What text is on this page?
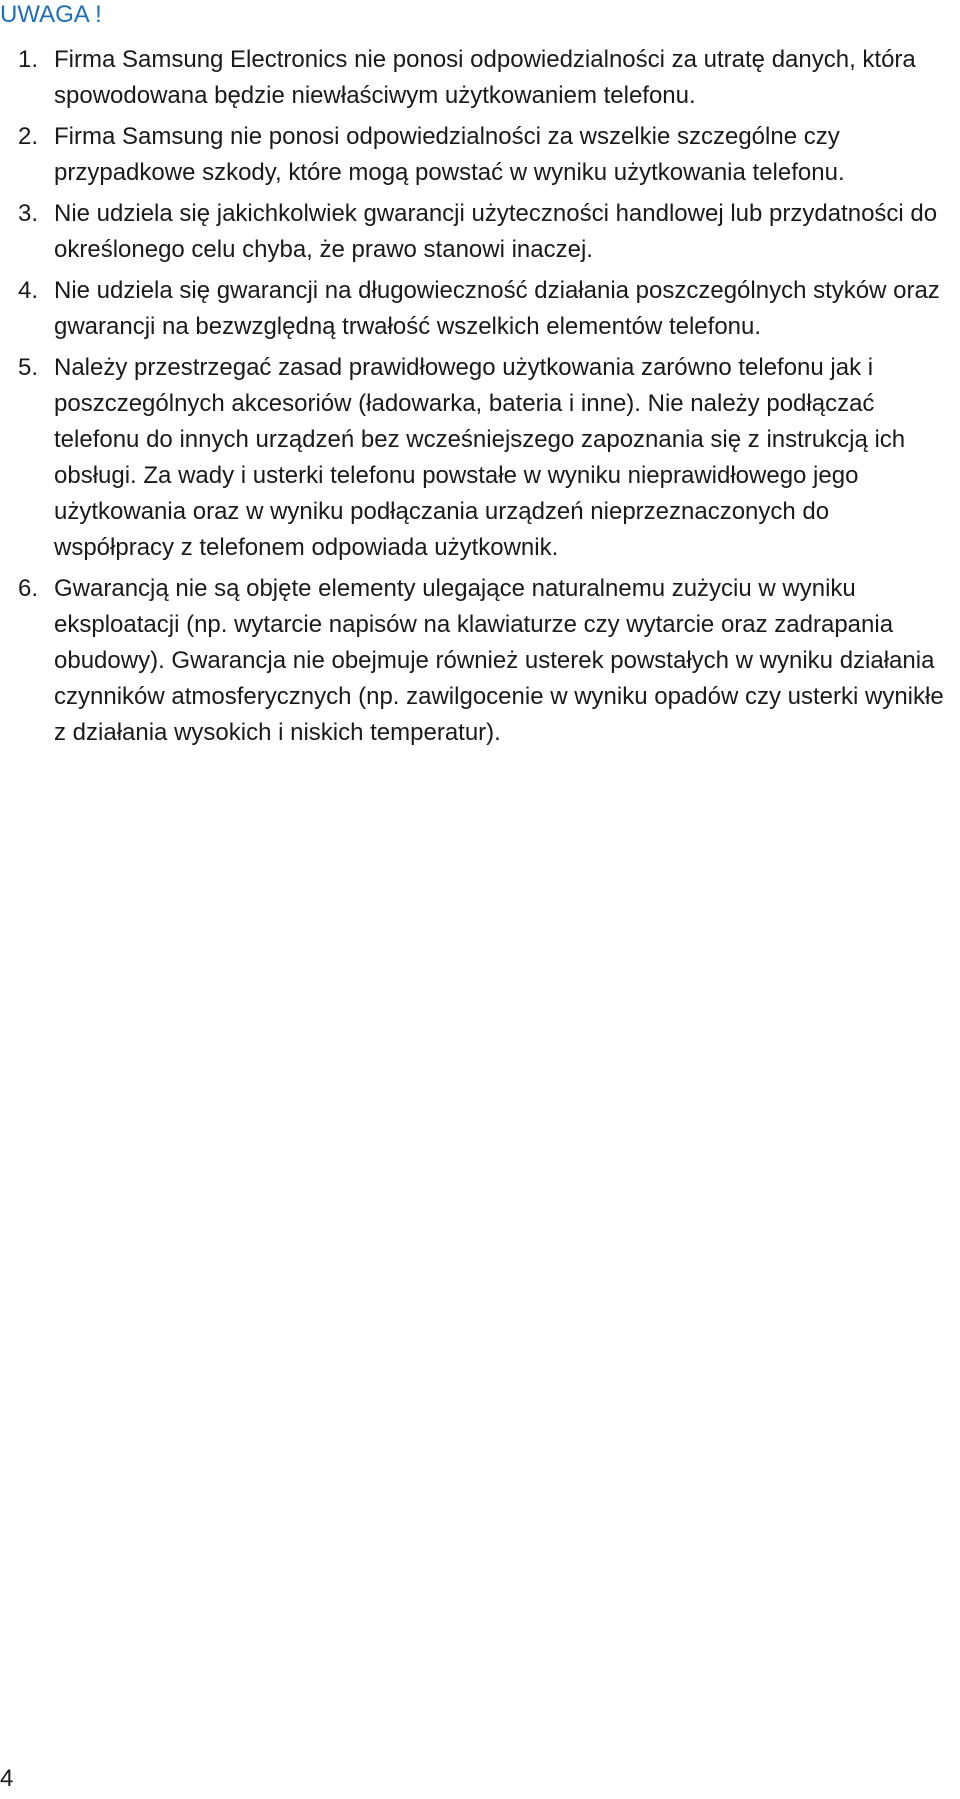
UWAGA !
1. Firma Samsung Electronics nie ponosi odpowiedzialności za utratę danych, która spowodowana będzie niewłaściwym użytkowaniem telefonu.
2. Firma Samsung nie ponosi odpowiedzialności za wszelkie szczególne czy przypadkowe szkody, które mogą powstać w wyniku użytkowania telefonu.
3. Nie udziela się jakichkolwiek gwarancji użyteczności handlowej lub przydatności do określonego celu chyba, że prawo stanowi inaczej.
4. Nie udziela się gwarancji na długowieczność działania poszczególnych styków oraz gwarancji na bezwzględną trwałość wszelkich elementów telefonu.
5. Należy przestrzegać zasad prawidłowego użytkowania zarówno telefonu jak i poszczególnych akcesoriów (ładowarka, bateria i inne). Nie należy podłączać telefonu do innych urządzeń bez wcześniejszego zapoznania się z instrukcją ich obsługi. Za wady i usterki telefonu powstałe w wyniku nieprawidłowego jego użytkowania oraz w wyniku podłączania urządzeń nieprzeznaczonych do współpracy z telefonem odpowiada użytkownik.
6. Gwarancją nie są objęte elementy ulegające naturalnemu zużyciu w wyniku eksploatacji (np. wytarcie napisów na klawiaturze czy wytarcie oraz zadrapania obudowy). Gwarancja nie obejmuje również usterek powstałych w wyniku działania czynników atmosferycznych (np. zawilgocenie w wyniku opadów czy usterki wynikłe z działania wysokich i niskich temperatur).
4
